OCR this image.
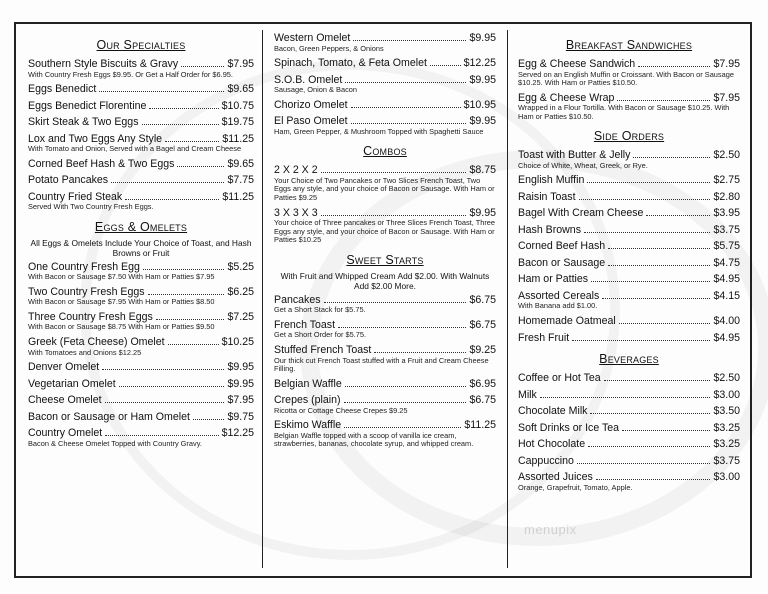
Our Specialties
Southern Style Biscuits & Gravy	$7.95
With Country Fresh Eggs $9.95. Or Get a Half Order for $6.95.
Eggs Benedict	$9.65
Eggs Benedict Florentine	$10.75
Skirt Steak & Two Eggs	$19.75
Lox and Two Eggs Any Style	$11.25
With Tomato and Onion, Served with a Bagel and Cream Cheese
Corned Beef Hash & Two Eggs	$9.65
Potato Pancakes	$7.75
Country Fried Steak	$11.25
Served With Two Country Fresh Eggs.
Eggs & Omelets
All Eggs & Omelets Include Your Choice of Toast, and Hash Browns or Fruit
One Country Fresh Egg	$5.25
With Bacon or Sausage $7.50 With Ham or Patties $7.95
Two Country Fresh Eggs	$6.25
With Bacon or Sausage $7.95 With Ham or Patties $8.50
Three Country Fresh Eggs	$7.25
With Bacon or Sausage $8.75 With Ham or Patties $9.50
Greek (Feta Cheese) Omelet	$10.25
With Tomatoes and Onions $12.25
Denver Omelet	$9.95
Vegetarian Omelet	$9.95
Cheese Omelet	$7.95
Bacon or Sausage or Ham Omelet	$9.75
Country Omelet	$12.25
Bacon & Cheese Omelet Topped with Country Gravy.
Western Omelet	$9.95
Bacon, Green Peppers, & Onions
Spinach, Tomato, & Feta Omelet	$12.25
S.O.B. Omelet	$9.95
Sausage, Onion & Bacon
Chorizo Omelet	$10.95
El Paso Omelet	$9.95
Ham, Green Pepper, & Mushroom Topped with Spaghetti Sauce
Combos
2 X 2 X 2	$8.75
Your Choice of Two Pancakes or Two Slices French Toast, Two Eggs any style, and your choice of Bacon or Sausage. With Ham or Patties $9.25
3 X 3 X 3	$9.95
Your choice of Three pancakes or Three Slices French Toast, Three Eggs any style, and your choice of Bacon or Sausage. With Ham or Patties $10.25
Sweet Starts
With Fruit and Whipped Cream Add $2.00. With Walnuts Add $2.00 More.
Pancakes	$6.75
Get a Short Stack for $5.75.
French Toast	$6.75
Get a Short Order for $5.75.
Stuffed French Toast	$9.25
Our thick cut French Toast stuffed with a Fruit and Cream Cheese Filling.
Belgian Waffle	$6.95
Crepes (plain)	$6.75
Ricotta or Cottage Cheese Crepes $9.25
Eskimo Waffle	$11.25
Belgian Waffle topped with a scoop of vanilla ice cream, strawberries, bananas, chocolate syrup, and whipped cream.
Breakfast Sandwiches
Egg & Cheese Sandwich	$7.95
Served on an English Muffin or Croissant. With Bacon or Sausage $10.25. With Ham or Patties $10.50.
Egg & Cheese Wrap	$7.95
Wrapped in a Flour Tortilla. With Bacon or Sausage $10.25. With Ham or Patties $10.50.
Side Orders
Toast with Butter & Jelly	$2.50
Choice of White, Wheat, Greek, or Rye.
English Muffin	$2.75
Raisin Toast	$2.80
Bagel With Cream Cheese	$3.95
Hash Browns	$3.75
Corned Beef Hash	$5.75
Bacon or Sausage	$4.75
Ham or Patties	$4.95
Assorted Cereals	$4.15
With Banana add $1.00.
Homemade Oatmeal	$4.00
Fresh Fruit	$4.95
Beverages
Coffee or Hot Tea	$2.50
Milk	$3.00
Chocolate Milk	$3.50
Soft Drinks or Ice Tea	$3.25
Hot Chocolate	$3.25
Cappuccino	$3.75
Assorted Juices	$3.00
Orange, Grapefruit, Tomato, Apple.
menupix
